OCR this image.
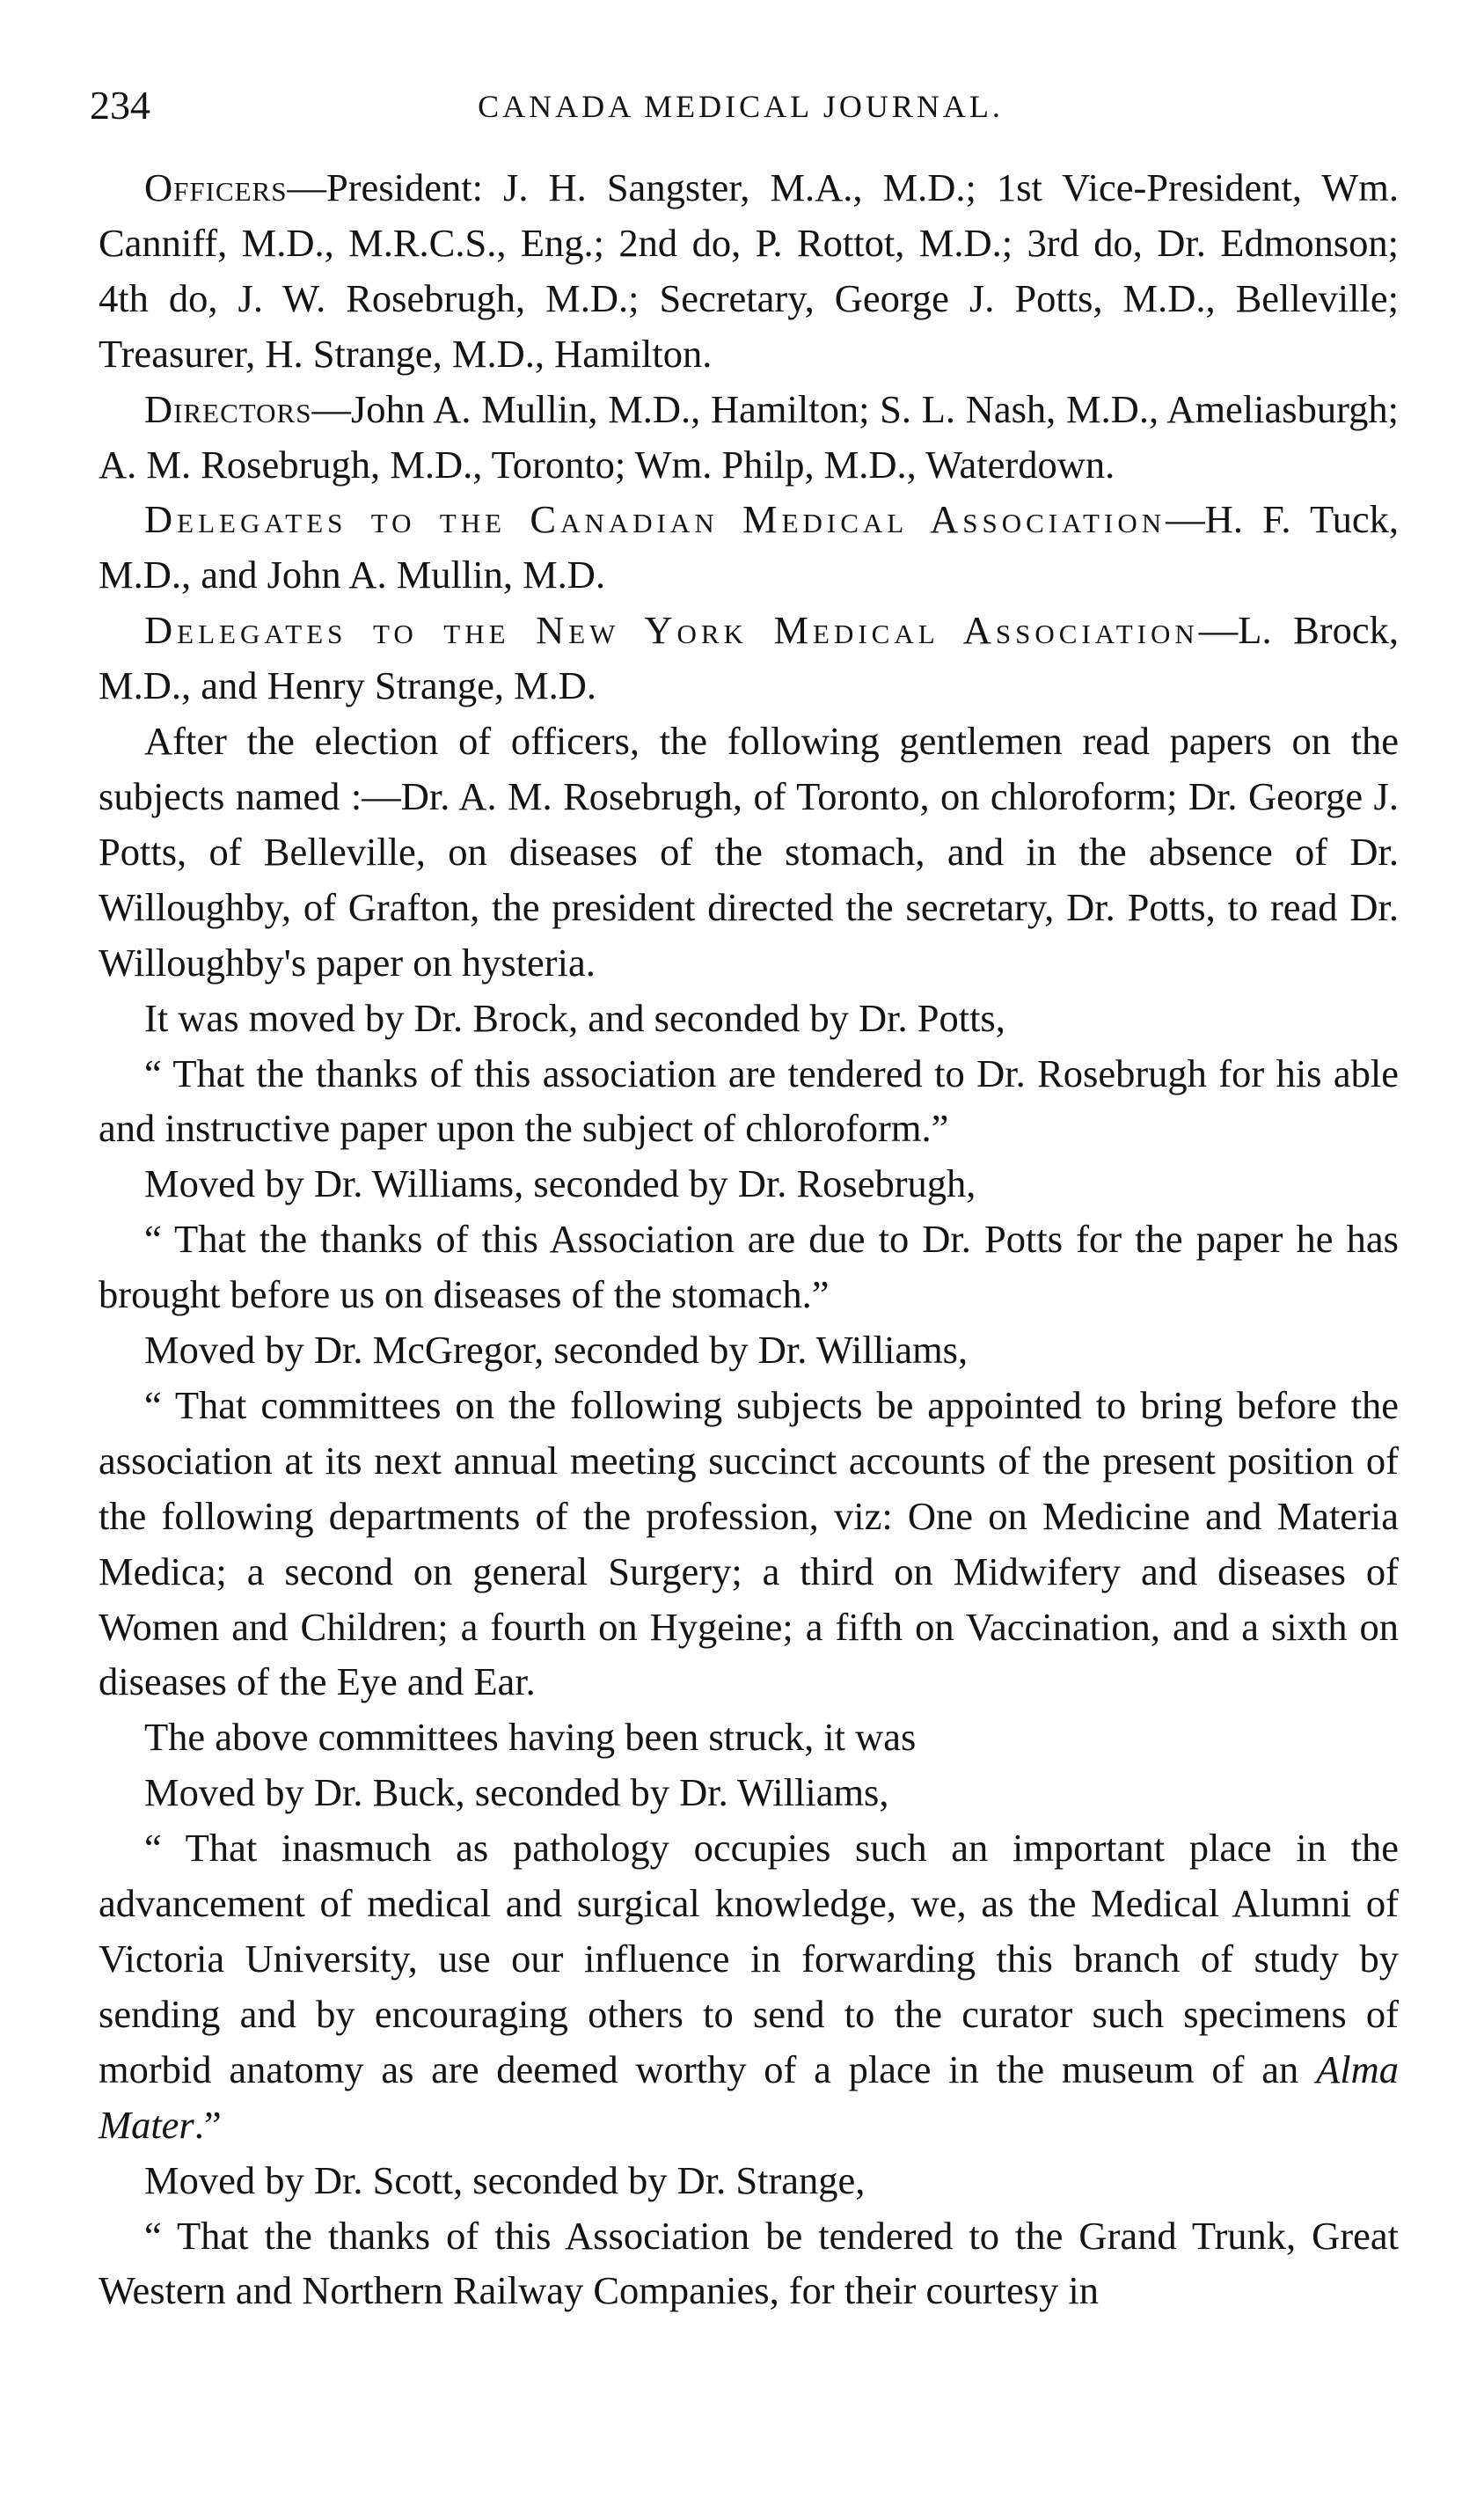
234	CANADA MEDICAL JOURNAL.

Officers—President: J. H. Sangster, M.A., M.D.; 1st Vice-President, Wm. Canniff, M.D., M.R.C.S., Eng.; 2nd do, P. Rottot, M.D.; 3rd do, Dr. Edmonson; 4th do, J. W. Rosebrugh, M.D.; Secretary, George J. Potts, M.D., Belleville; Treasurer, H. Strange, M.D., Hamilton.

Directors—John A. Mullin, M.D., Hamilton; S. L. Nash, M.D., Ameliasburgh; A. M. Rosebrugh, M.D., Toronto; Wm. Philp, M.D., Waterdown.

Delegates to the Canadian Medical Association—H. F. Tuck, M.D., and John A. Mullin, M.D.

Delegates to the New York Medical Association—L. Brock, M.D., and Henry Strange, M.D.

After the election of officers, the following gentlemen read papers on the subjects named :—Dr. A. M. Rosebrugh, of Toronto, on chloroform; Dr. George J. Potts, of Belleville, on diseases of the stomach, and in the absence of Dr. Willoughby, of Grafton, the president directed the secretary, Dr. Potts, to read Dr. Willoughby's paper on hysteria.

It was moved by Dr. Brock, and seconded by Dr. Potts,

“ That the thanks of this association are tendered to Dr. Rosebrugh for his able and instructive paper upon the subject of chloroform.”

Moved by Dr. Williams, seconded by Dr. Rosebrugh,

“ That the thanks of this Association are due to Dr. Potts for the paper he has brought before us on diseases of the stomach.”

Moved by Dr. McGregor, seconded by Dr. Williams,

“ That committees on the following subjects be appointed to bring before the association at its next annual meeting succinct accounts of the present position of the following departments of the profession, viz: One on Medicine and Materia Medica; a second on general Surgery; a third on Midwifery and diseases of Women and Children; a fourth on Hygeine; a fifth on Vaccination, and a sixth on diseases of the Eye and Ear.

The above committees having been struck, it was

Moved by Dr. Buck, seconded by Dr. Williams,

“ That inasmuch as pathology occupies such an important place in the advancement of medical and surgical knowledge, we, as the Medical Alumni of Victoria University, use our influence in forwarding this branch of study by sending and by encouraging others to send to the curator such specimens of morbid anatomy as are deemed worthy of a place in the museum of an Alma Mater.”

Moved by Dr. Scott, seconded by Dr. Strange,

“ That the thanks of this Association be tendered to the Grand Trunk, Great Western and Northern Railway Companies, for their courtesy in
